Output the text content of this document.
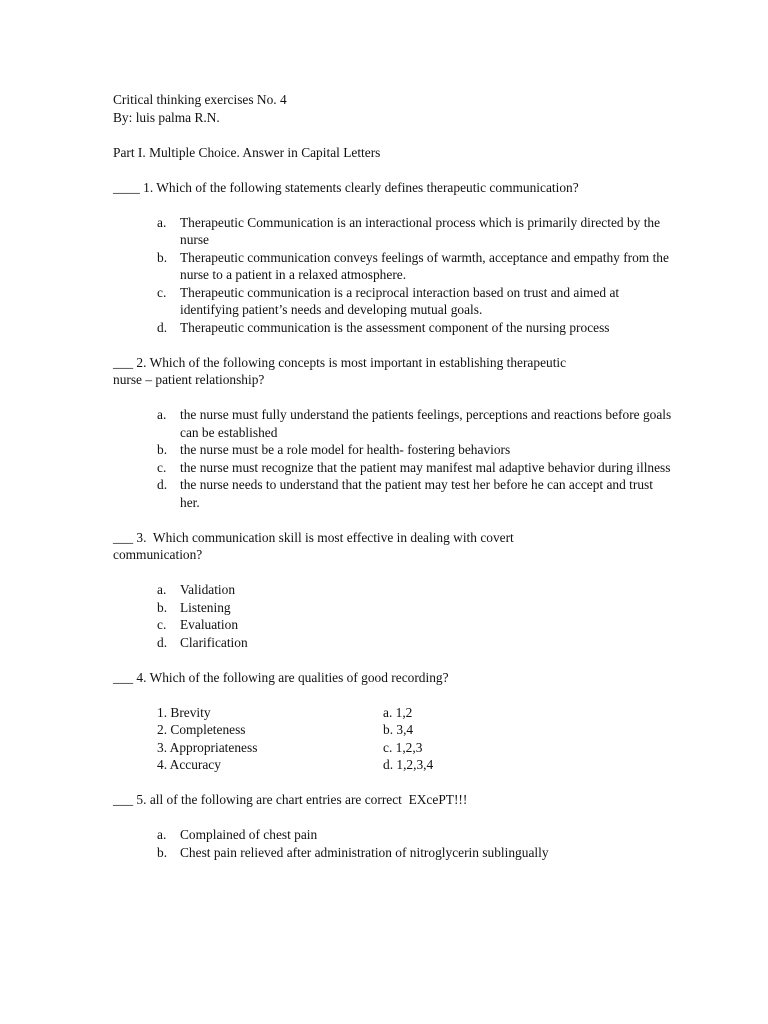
Critical thinking exercises No. 4
By: luis palma R.N.
Part I. Multiple Choice. Answer in Capital Letters
____ 1. Which of the following statements clearly defines therapeutic communication?
a.	Therapeutic Communication is an interactional process which is primarily directed by the nurse
b. Therapeutic communication conveys feelings of warmth, acceptance and empathy from the nurse to a patient in a relaxed atmosphere.
c.	Therapeutic communication is a reciprocal interaction based on trust and aimed at identifying patient’s needs and developing mutual goals.
d. Therapeutic communication is the assessment component of the nursing process
___ 2. Which of the following concepts is most important in establishing therapeutic
nurse – patient relationship?
a.	the nurse must fully understand the patients feelings, perceptions and reactions before goals can be established
b. the nurse must be a role model for health- fostering behaviors
c.	the nurse must recognize that the patient may manifest mal adaptive behavior during illness
d. the nurse needs to understand that the patient may test her before he can accept and trust her.
___ 3.  Which communication skill is most effective in dealing with covert
communication?
a.	Validation
b. Listening
c.	Evaluation
d. Clarification
___ 4. Which of the following are qualities of good recording?
1. Brevity	a. 1,2
2. Completeness	b. 3,4
3. Appropriateness	c. 1,2,3
4. Accuracy	d. 1,2,3,4
___ 5. all of the following are chart entries are correct  EXcePT!!!
a.	Complained of chest pain
b. Chest pain relieved after administration of nitroglycerin sublingually
